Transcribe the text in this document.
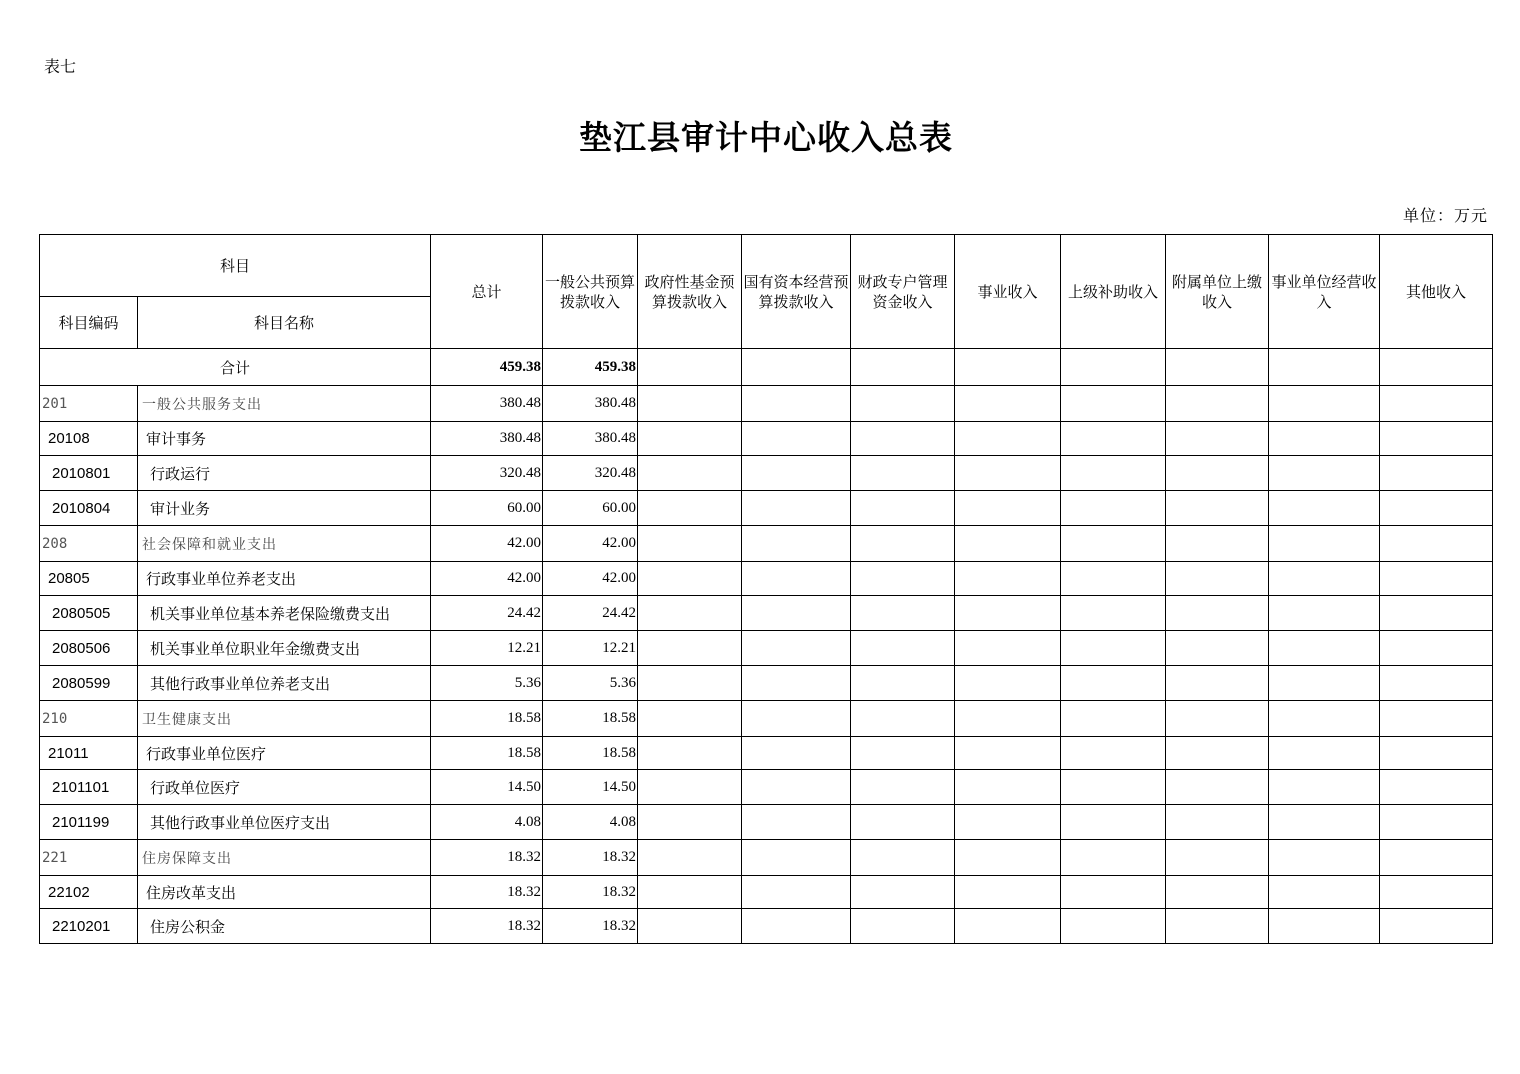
表七
垫江县审计中心收入总表
单位：万元
科目		总计	一般公共预算拨款收入	政府性基金预算拨款收入	国有资本经营预算拨款收入	财政专户管理资金收入	事业收入	上级补助收入	附属单位上缴收入	事业单位经营收入	其他收入
科目编码	科目名称										
合计		459.38	459.38								
201	一般公共服务支出	380.48	380.48								
20108	审计事务	380.48	380.48								
2010801	行政运行	320.48	320.48								
2010804	审计业务	60.00	60.00								
208	社会保障和就业支出	42.00	42.00								
20805	行政事业单位养老支出	42.00	42.00								
2080505	机关事业单位基本养老保险缴费支出	24.42	24.42								
2080506	机关事业单位职业年金缴费支出	12.21	12.21								
2080599	其他行政事业单位养老支出	5.36	5.36								
210	卫生健康支出	18.58	18.58								
21011	行政事业单位医疗	18.58	18.58								
2101101	行政单位医疗	14.50	14.50								
2101199	其他行政事业单位医疗支出	4.08	4.08								
221	住房保障支出	18.32	18.32								
22102	住房改革支出	18.32	18.32								
2210201	住房公积金	18.32	18.32								
